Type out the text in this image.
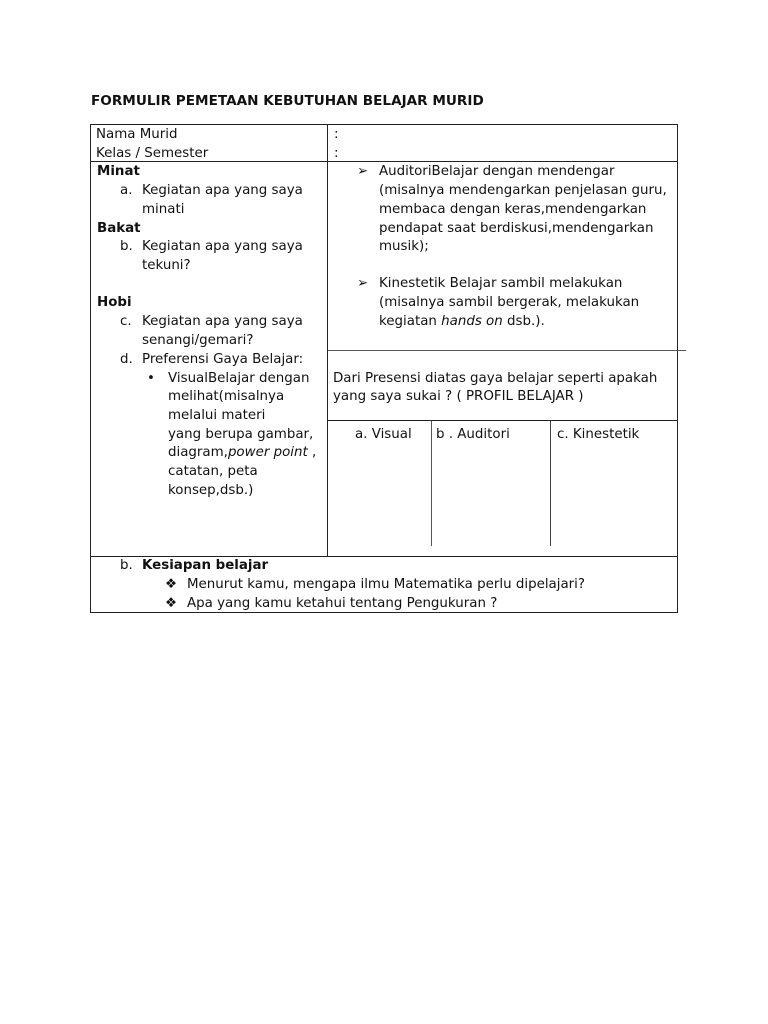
FORMULIR PEMETAAN KEBUTUHAN BELAJAR MURID
Nama Murid	:
Kelas / Semester	:
Minat
a. Kegiatan apa yang saya
minati
Bakat
b. Kegiatan apa yang saya
tekuni?
Hobi
c. Kegiatan apa yang saya
senangi/gemari?
d. Preferensi Gaya Belajar:
• VisualBelajar dengan
melihat(misalnya
melalui materi
yang berupa gambar,
diagram,power point ,
catatan, peta
konsep,dsb.)
➢ AuditoriBelajar dengan mendengar
(misalnya mendengarkan penjelasan guru,
membaca dengan keras,mendengarkan
pendapat saat berdiskusi,mendengarkan
musik);
➢ Kinestetik Belajar sambil melakukan
(misalnya sambil bergerak, melakukan
kegiatan hands on dsb.).
Dari Presensi diatas gaya belajar seperti apakah
yang saya sukai ? ( PROFIL BELAJAR )
a. Visual b . Auditori	c. Kinestetik
b. Kesiapan belajar
❖ Menurut kamu, mengapa ilmu Matematika perlu dipelajari?
❖ Apa yang kamu ketahui tentang Pengukuran ?
